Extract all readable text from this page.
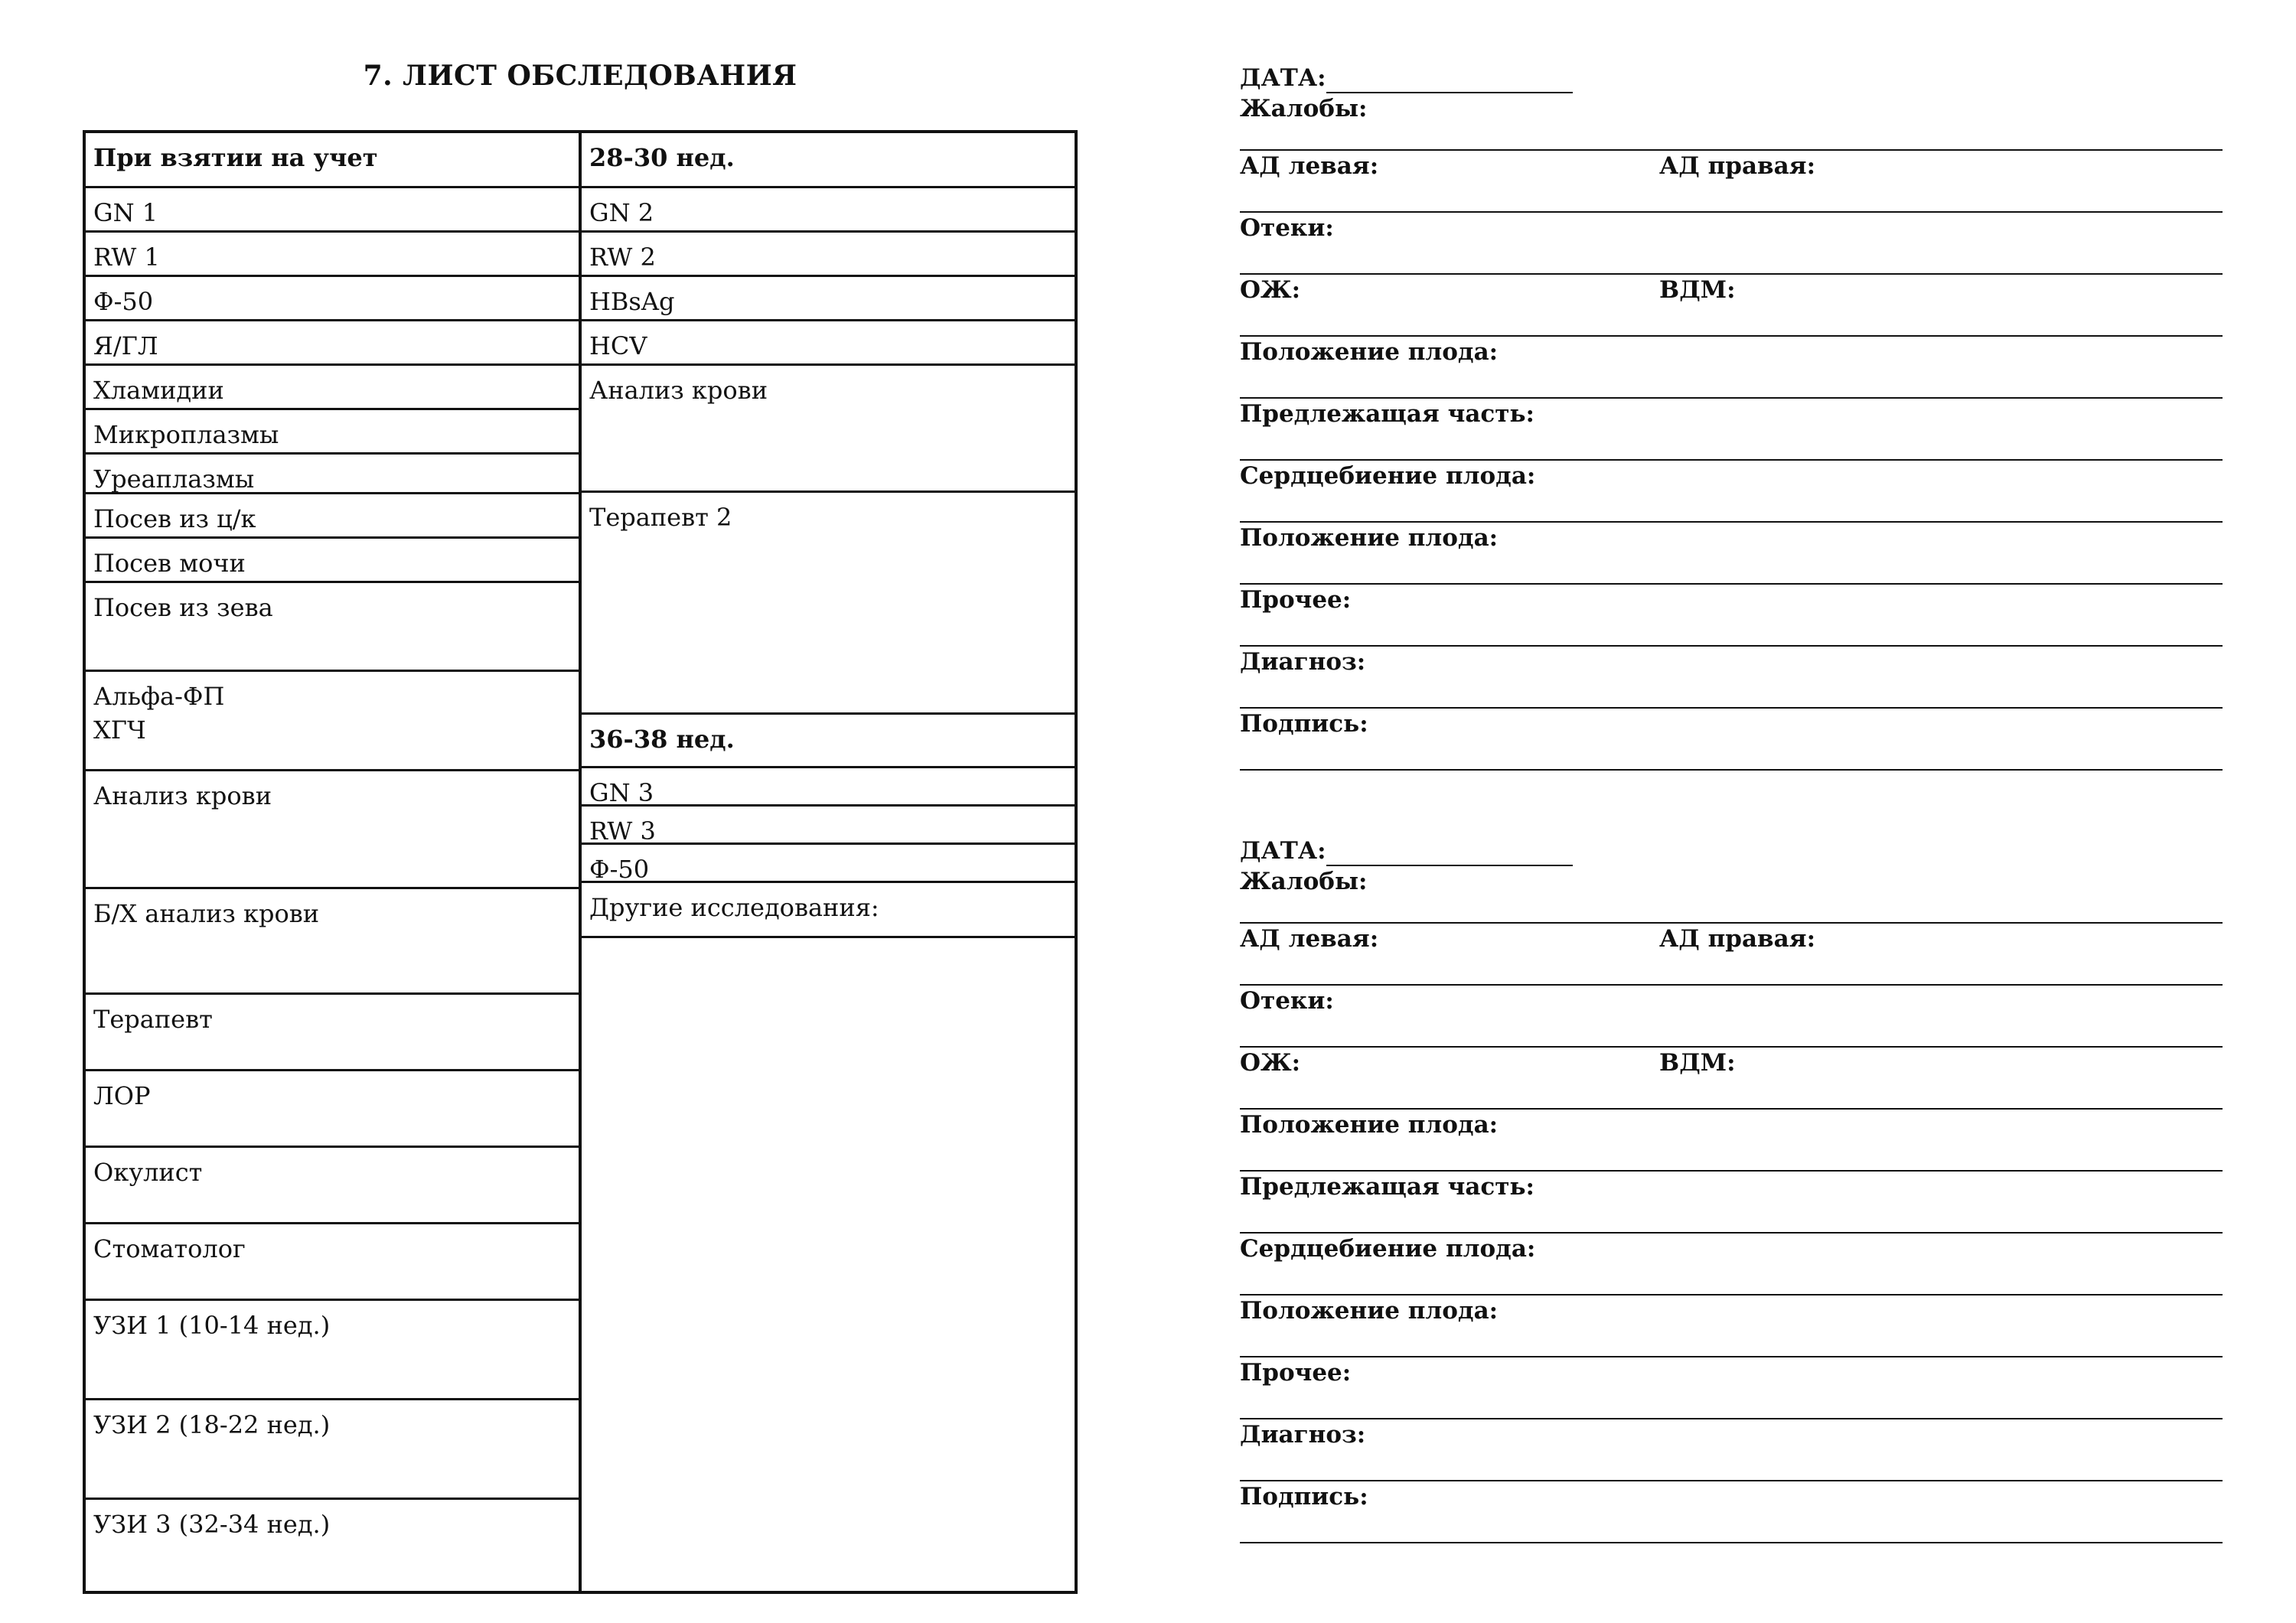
7. ЛИСТ ОБСЛЕДОВАНИЯ
При взятии на учет
GN 1
RW 1
Ф-50
Я/ГЛ
Хламидии
Микроплазмы
Уреаплазмы
Посев из ц/к
Посев мочи
Посев из зева
Альфа-ФП
ХГЧ
Анализ крови
Б/Х анализ крови
Терапевт
ЛОР
Окулист
Стоматолог
УЗИ 1 (10-14 нед.)
УЗИ 2 (18-22 нед.)
УЗИ 3 (32-34 нед.)
28-30 нед.
GN 2
RW 2
HBsAg
HCV
Анализ крови
Терапевт 2
36-38 нед.
GN 3
RW 3
Ф-50
Другие исследования:
ДАТА:
Жалобы:
АД левая:	АД правая:
Отеки:
ОЖ:	ВДМ:
Положение плода:
Предлежащая часть:
Сердцебиение плода:
Положение плода:
Прочее:
Диагноз:
Подпись:
ДАТА:
Жалобы:
АД левая:	АД правая:
Отеки:
ОЖ:	ВДМ:
Положение плода:
Предлежащая часть:
Сердцебиение плода:
Положение плода:
Прочее:
Диагноз:
Подпись:
